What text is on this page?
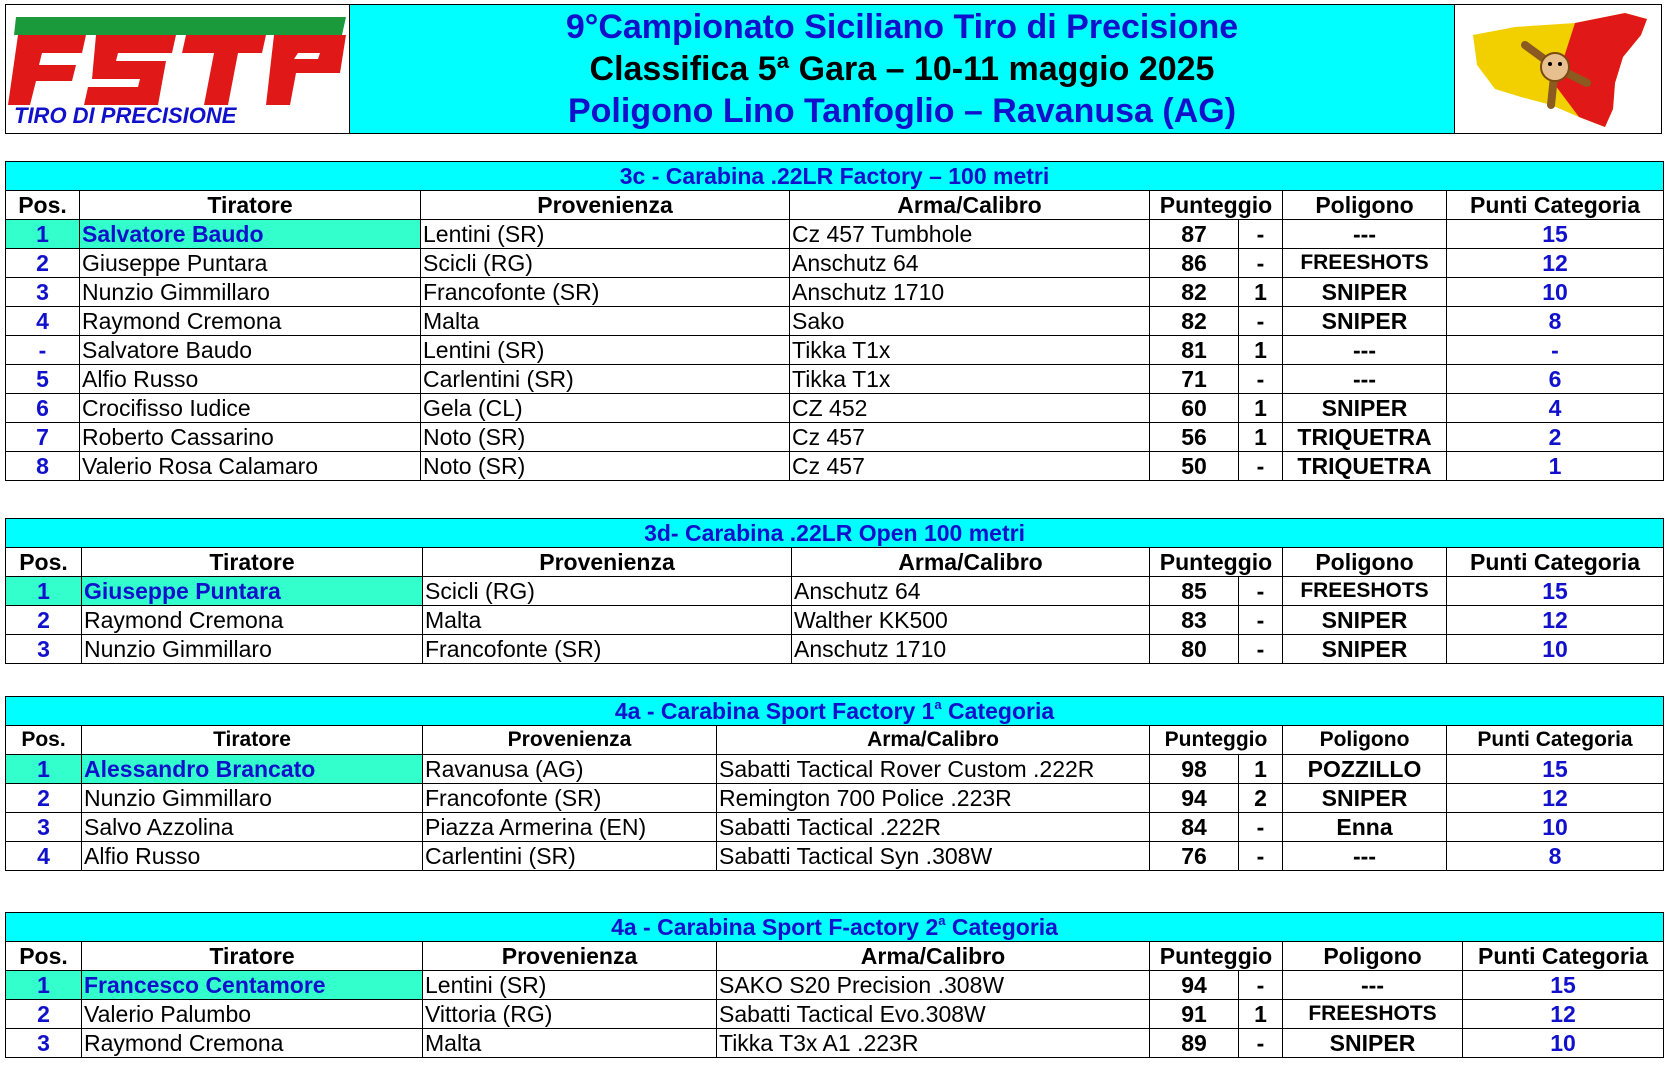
TIRO DI PRECISIONE
9°Campionato Siciliano Tiro di Precisione
Classifica 5ª Gara – 10-11 maggio 2025
Poligono Lino Tanfoglio – Ravanusa (AG)
3c - Carabina .22LR Factory – 100 metri							
Pos.	Tiratore	Provenienza	Arma/Calibro	Punteggio		Poligono	Punti Categoria
1	Salvatore Baudo	Lentini (SR)	Cz 457 Tumbhole	87	-	---	15
2	Giuseppe Puntara	Scicli (RG)	Anschutz 64	86	-	FREESHOTS	12
3	Nunzio Gimmillaro	Francofonte (SR)	Anschutz 1710	82	1	SNIPER	10
4	Raymond Cremona	Malta	Sako	82	-	SNIPER	8
-	Salvatore Baudo	Lentini (SR)	Tikka T1x	81	1	---	-
5	Alfio Russo	Carlentini (SR)	Tikka T1x	71	-	---	6
6	Crocifisso Iudice	Gela (CL)	CZ 452	60	1	SNIPER	4
7	Roberto Cassarino	Noto (SR)	Cz 457	56	1	TRIQUETRA	2
8	Valerio Rosa Calamaro	Noto (SR)	Cz 457	50	-	TRIQUETRA	1
3d- Carabina .22LR Open 100 metri							
Pos.	Tiratore	Provenienza	Arma/Calibro	Punteggio		Poligono	Punti Categoria
1	Giuseppe Puntara	Scicli (RG)	Anschutz 64	85	-	FREESHOTS	15
2	Raymond Cremona	Malta	Walther KK500	83	-	SNIPER	12
3	Nunzio Gimmillaro	Francofonte (SR)	Anschutz 1710	80	-	SNIPER	10
4a - Carabina Sport Factory 1$^a$ Categoria							
Pos.	Tiratore	Provenienza	Arma/Calibro	Punteggio		Poligono	Punti Categoria
1	Alessandro Brancato	Ravanusa (AG)	Sabatti Tactical Rover Custom .222R	98	1	POZZILLO	15
2	Nunzio Gimmillaro	Francofonte (SR)	Remington 700 Police .223R	94	2	SNIPER	12
3	Salvo Azzolina	Piazza Armerina (EN)	Sabatti Tactical .222R	84	-	Enna	10
4	Alfio Russo	Carlentini (SR)	Sabatti Tactical Syn .308W	76	-	---	8
4a - Carabina Sport F-actory 2$^a$ Categoria							
Pos.	Tiratore	Provenienza	Arma/Calibro	Punteggio		Poligono	Punti Categoria
1	Francesco Centamore	Lentini (SR)	SAKO S20 Precision .308W	94	-	---	15
2	Valerio Palumbo	Vittoria (RG)	Sabatti Tactical Evo.308W	91	1	FREESHOTS	12
3	Raymond Cremona	Malta	Tikka T3x A1 .223R	89	-	SNIPER	10
